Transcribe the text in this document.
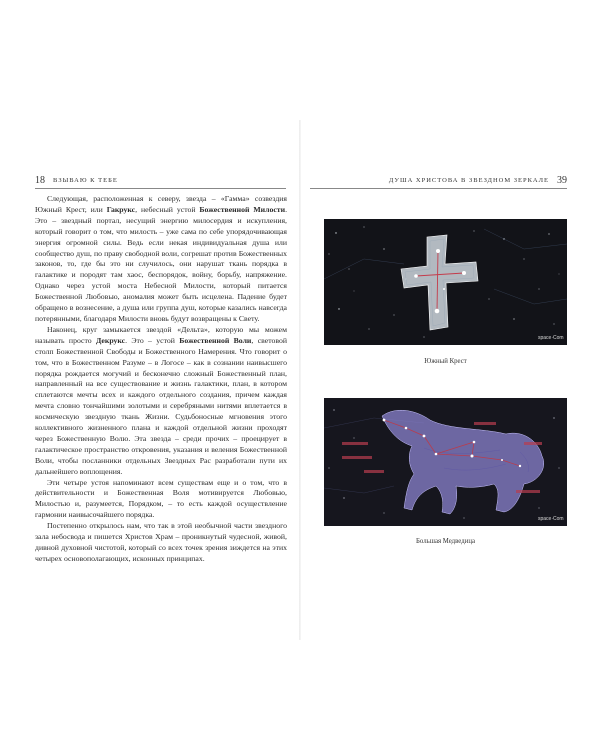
18 ВЗЫВАЮ К ТЕБЕ

Следующая, расположенная к северу, звезда – «Гамма» созвездия Южный Крест, или Гакрукс, небесный устой Божественной Милости. Это – звездный портал, несущий энергию милосердия и искупления, который говорит о том, что милость – уже сама по себе упорядочивающая энергия огромной силы. Ведь если некая индивидуальная душа или сообщество душ, по праву свободной воли, согрешат против Божественных законов, то, где бы это ни случилось, они нарушат ткань порядка в галактике и породят там хаос, беспорядок, войну, борьбу, напряжение. Однако через устой моста Небесной Милости, который питается Божественной Любовью, аномалия может быть исцелена. Падение будет обращено в вознесение, а душа или группа душ, которые казались навсегда потерянными, благодаря Милости вновь будут возвращены к Свету.

Наконец, круг замыкается звездой «Дельта», которую мы можем называть просто Декрукс. Это – устой Божественной Воли, световой столп Божественной Свободы и Божественного Намерения. Что говорит о том, что в Божественном Разуме – в Логосе – как в сознании наивысшего порядка рождается могучий и бесконечно сложный Божественный план, направленный на все существование и жизнь галактики, план, в котором сплетаются мечты всех и каждого отдельного создания, причем каждая мечта словно тончайшими золотыми и серебряными нитями вплетается в космическую звездную ткань Жизни. Судьбоносные мгновения этого коллективного жизненного плана и каждой отдельной жизни проходят через Божественную Волю. Эта звезда – среди прочих – проецирует в галактическое пространство откровения, указания и веления Божественной Воли, чтобы посланники отдельных Звездных Рас разработали пути их дальнейшего воплощения.

Эти четыре устоя напоминают всем существам еще и о том, что в действительности и Божественная Воля мотивируется Любовью, Милостью и, разумеется, Порядком, – то есть каждой осуществление гармонии наивысочайшего порядка.

Постепенно открылось нам, что так в этой необычной части звездного зала небосвода и пишется Христов Храм – проникнутый чудесной, живой, дивной духовной чистотой, который со всех точек зрения зиждется на этих четырех основополагающих, исконных принципах.

ДУША ХРИСТОВА В ЗВЕЗДНОМ ЗЕРКАЛЕ 39
space·Com
Южный Крест
space·Com
Большая Медведица
